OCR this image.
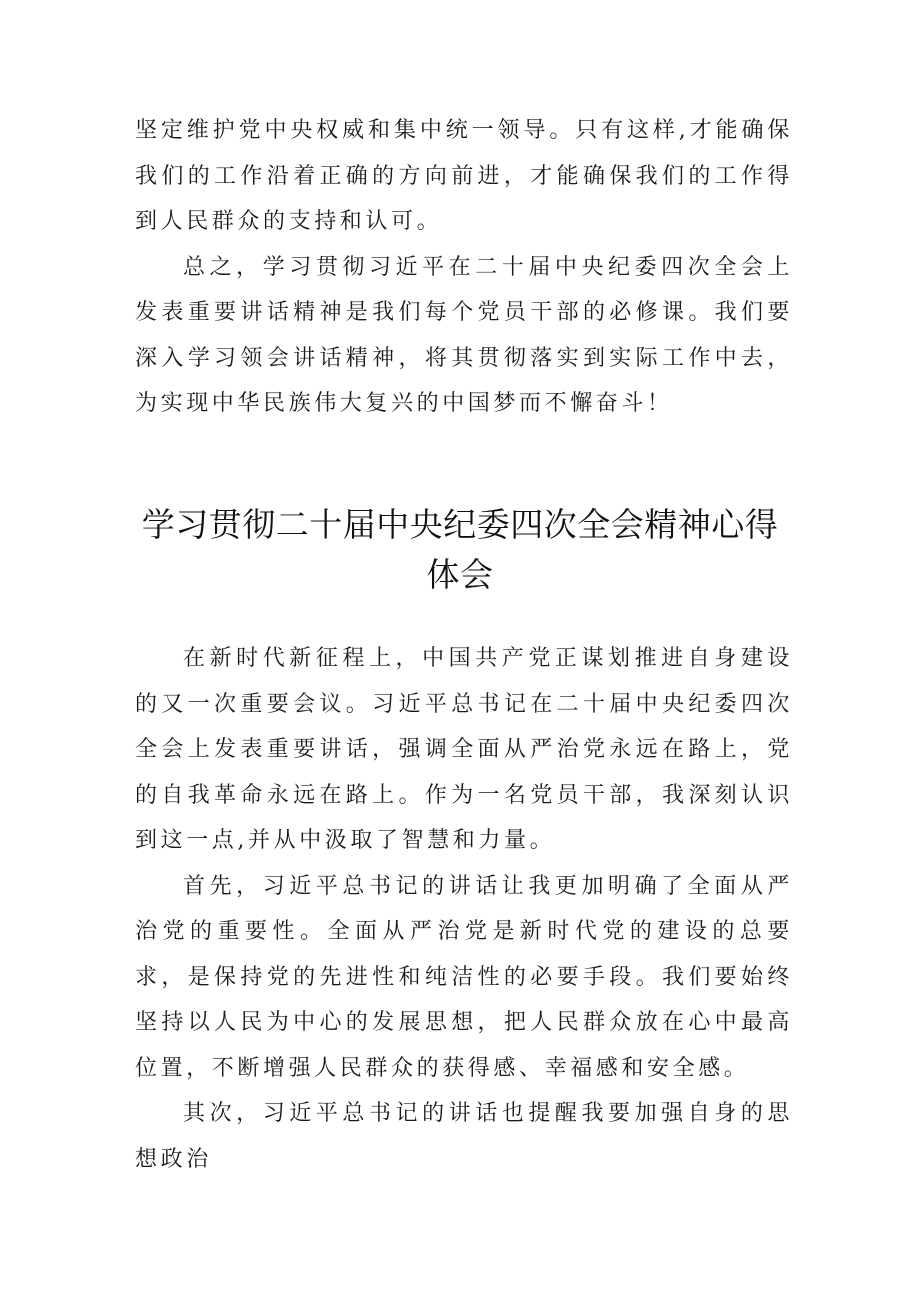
坚定维护党中央权威和集中统一领导。只有这样,才能确保我们的工作沿着正确的方向前进，才能确保我们的工作得到人民群众的支持和认可。

总之，学习贯彻习近平在二十届中央纪委四次全会上发表重要讲话精神是我们每个党员干部的必修课。我们要深入学习领会讲话精神，将其贯彻落实到实际工作中去，为实现中华民族伟大复兴的中国梦而不懈奋斗！

学习贯彻二十届中央纪委四次全会精神心得体会

在新时代新征程上，中国共产党正谋划推进自身建设的又一次重要会议。习近平总书记在二十届中央纪委四次全会上发表重要讲话，强调全面从严治党永远在路上，党的自我革命永远在路上。作为一名党员干部，我深刻认识到这一点,并从中汲取了智慧和力量。

首先，习近平总书记的讲话让我更加明确了全面从严治党的重要性。全面从严治党是新时代党的建设的总要求，是保持党的先进性和纯洁性的必要手段。我们要始终坚持以人民为中心的发展思想，把人民群众放在心中最高位置，不断增强人民群众的获得感、幸福感和安全感。

其次，习近平总书记的讲话也提醒我要加强自身的思想政治
